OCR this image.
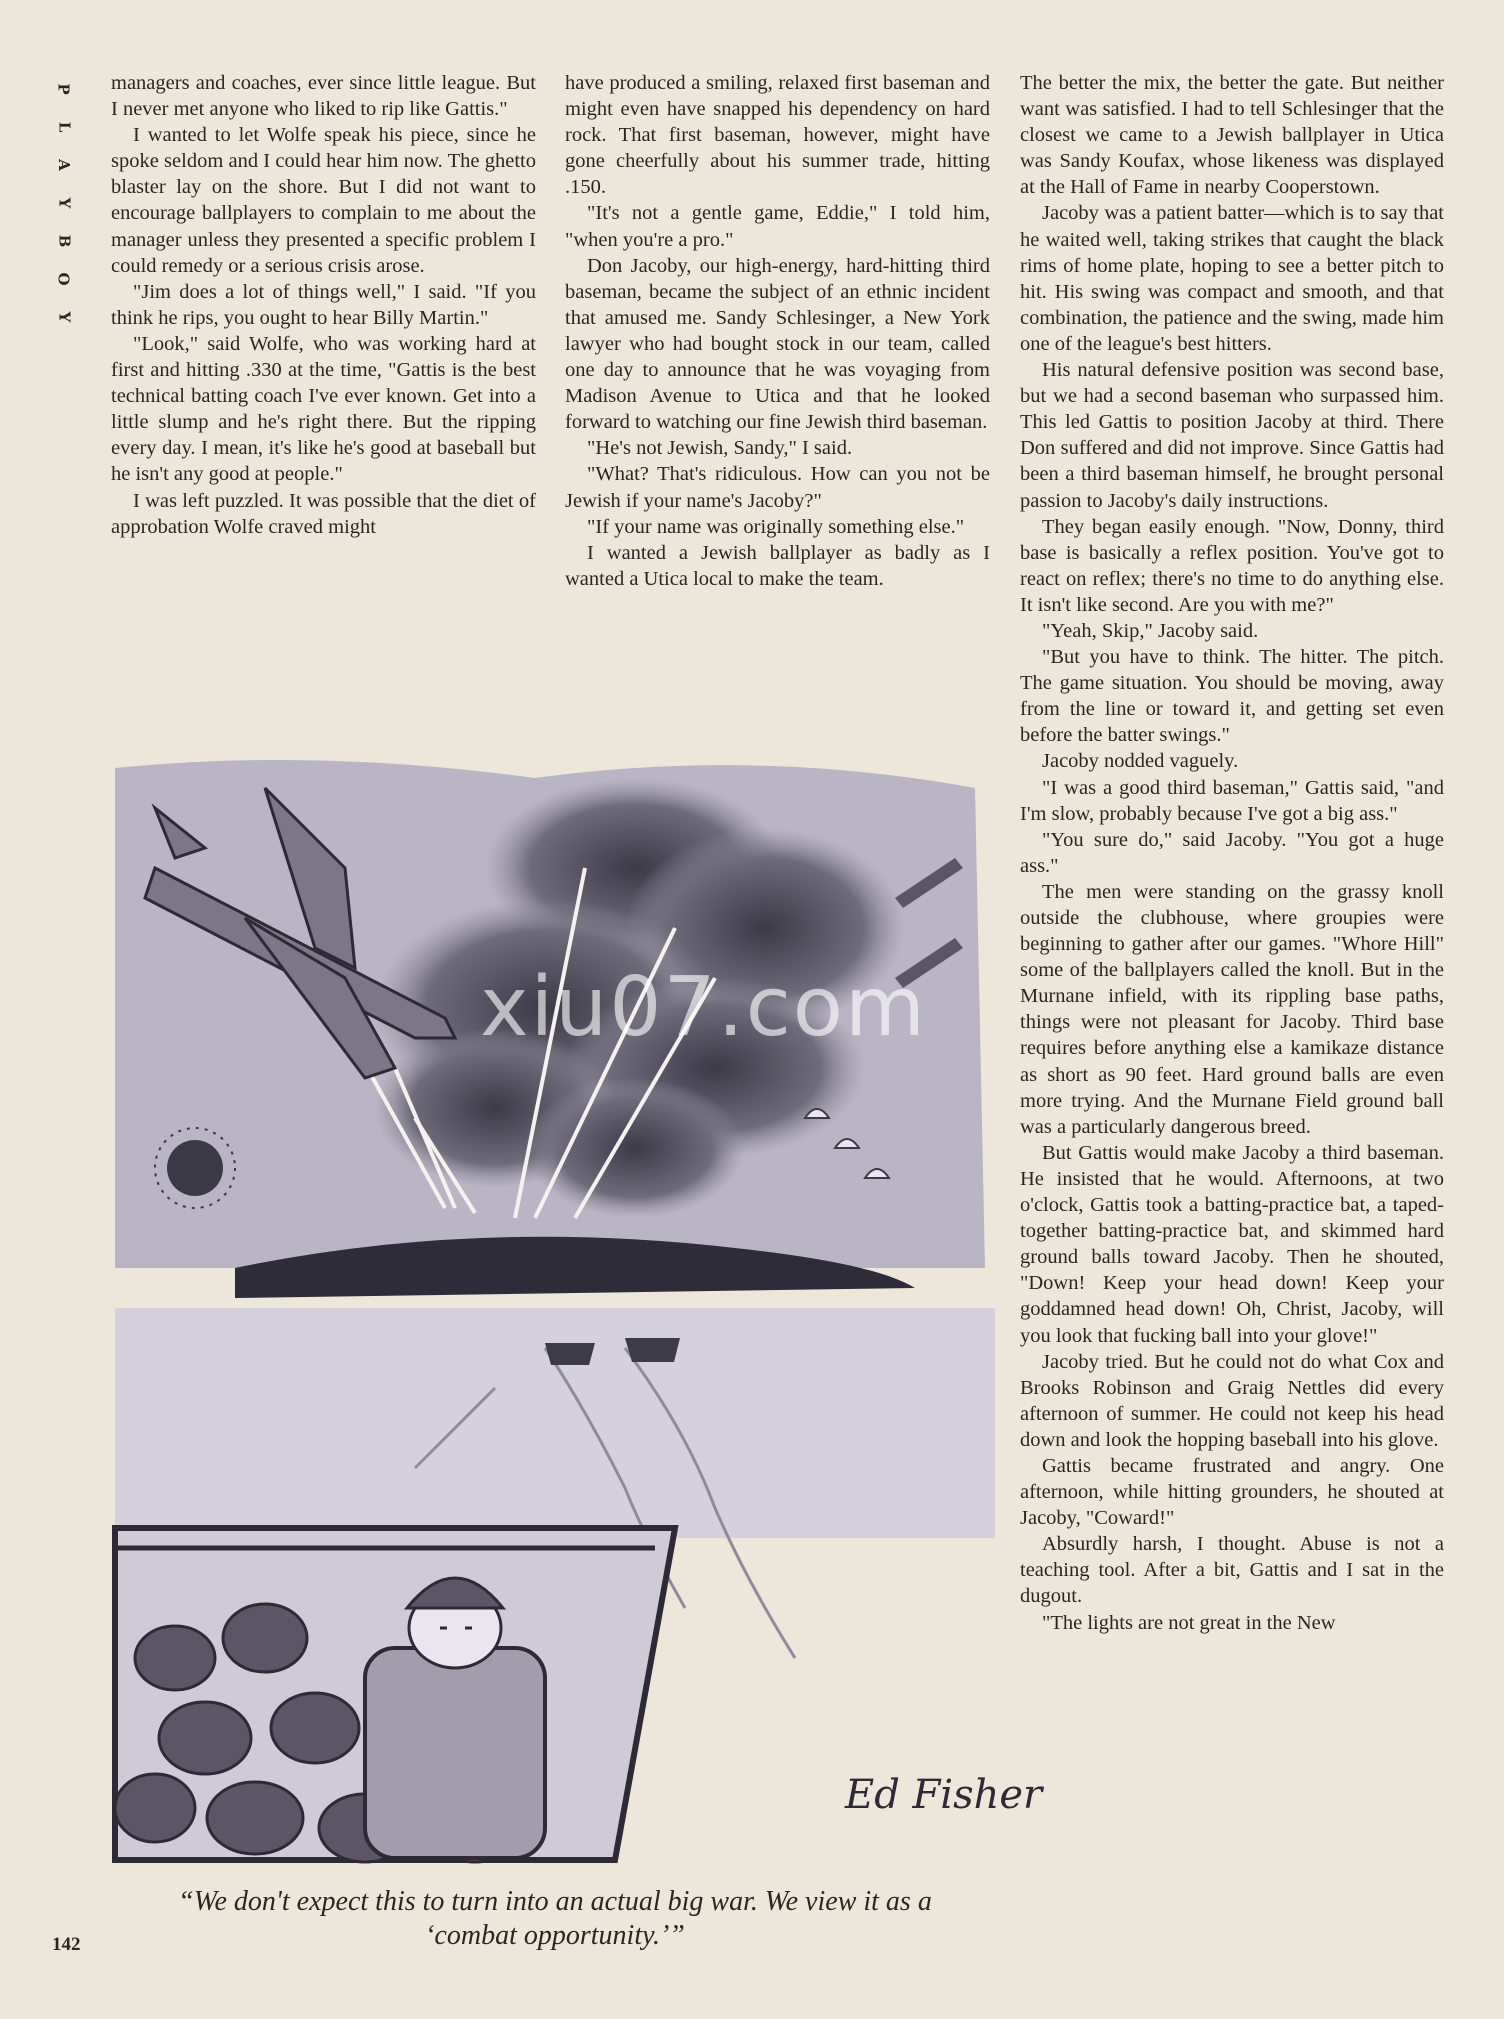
P
L
A
Y
B
O
Y

managers and coaches, ever since little league. But I never met anyone who liked to rip like Gattis."

I wanted to let Wolfe speak his piece, since he spoke seldom and I could hear him now. The ghetto blaster lay on the shore. But I did not want to encourage ballplayers to complain to me about the manager unless they presented a specific problem I could remedy or a serious crisis arose.

"Jim does a lot of things well," I said. "If you think he rips, you ought to hear Billy Martin."

"Look," said Wolfe, who was working hard at first and hitting .330 at the time, "Gattis is the best technical batting coach I've ever known. Get into a little slump and he's right there. But the ripping every day. I mean, it's like he's good at baseball but he isn't any good at people."

I was left puzzled. It was possible that the diet of approbation Wolfe craved might

have produced a smiling, relaxed first baseman and might even have snapped his dependency on hard rock. That first baseman, however, might have gone cheerfully about his summer trade, hitting .150.

"It's not a gentle game, Eddie," I told him, "when you're a pro."

Don Jacoby, our high-energy, hard-hitting third baseman, became the subject of an ethnic incident that amused me. Sandy Schlesinger, a New York lawyer who had bought stock in our team, called one day to announce that he was voyaging from Madison Avenue to Utica and that he looked forward to watching our fine Jewish third baseman.

"He's not Jewish, Sandy," I said.

"What? That's ridiculous. How can you not be Jewish if your name's Jacoby?"

"If your name was originally something else."

I wanted a Jewish ballplayer as badly as I wanted a Utica local to make the team.

The better the mix, the better the gate. But neither want was satisfied. I had to tell Schlesinger that the closest we came to a Jewish ballplayer in Utica was Sandy Koufax, whose likeness was displayed at the Hall of Fame in nearby Cooperstown.

Jacoby was a patient batter—which is to say that he waited well, taking strikes that caught the black rims of home plate, hoping to see a better pitch to hit. His swing was compact and smooth, and that combination, the patience and the swing, made him one of the league's best hitters.

His natural defensive position was second base, but we had a second baseman who surpassed him. This led Gattis to position Jacoby at third. There Don suffered and did not improve. Since Gattis had been a third baseman himself, he brought personal passion to Jacoby's daily instructions.

They began easily enough. "Now, Donny, third base is basically a reflex position. You've got to react on reflex; there's no time to do anything else. It isn't like second. Are you with me?"

"Yeah, Skip," Jacoby said.

"But you have to think. The hitter. The pitch. The game situation. You should be moving, away from the line or toward it, and getting set even before the batter swings."

Jacoby nodded vaguely.

"I was a good third baseman," Gattis said, "and I'm slow, probably because I've got a big ass."

"You sure do," said Jacoby. "You got a huge ass."

The men were standing on the grassy knoll outside the clubhouse, where groupies were beginning to gather after our games. "Whore Hill" some of the ballplayers called the knoll. But in the Murnane infield, with its rippling base paths, things were not pleasant for Jacoby. Third base requires before anything else a kamikaze distance as short as 90 feet. Hard ground balls are even more trying. And the Murnane Field ground ball was a particularly dangerous breed.

But Gattis would make Jacoby a third baseman. He insisted that he would. Afternoons, at two o'clock, Gattis took a batting-practice bat, a taped-together batting-practice bat, and skimmed hard ground balls toward Jacoby. Then he shouted, "Down! Keep your head down! Keep your goddamned head down! Oh, Christ, Jacoby, will you look that fucking ball into your glove!"

Jacoby tried. But he could not do what Cox and Brooks Robinson and Graig Nettles did every afternoon of summer. He could not keep his head down and look the hopping baseball into his glove.

Gattis became frustrated and angry. One afternoon, while hitting grounders, he shouted at Jacoby, "Coward!"

Absurdly harsh, I thought. Abuse is not a teaching tool. After a bit, Gattis and I sat in the dugout.

"The lights are not great in the New

Ed Fisher
xiu07.com
“We don't expect this to turn into an actual big war. We view it as a ‘combat opportunity.’”
142
